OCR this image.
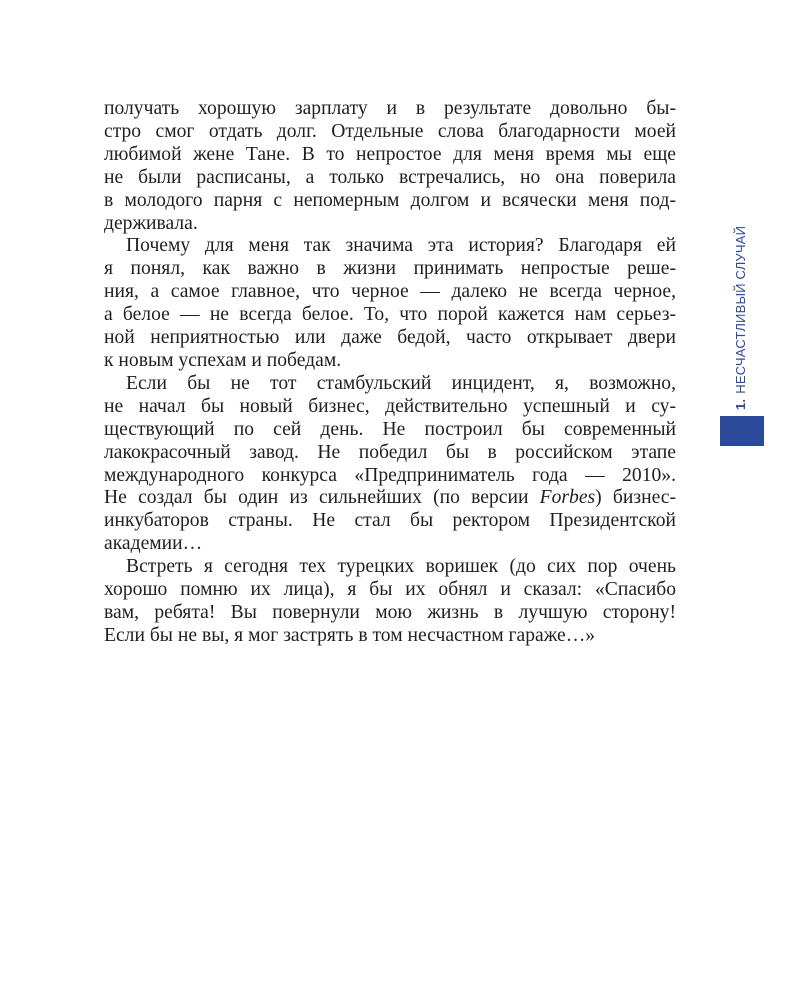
получать хорошую зарплату и в результате довольно бы-
стро смог отдать долг. Отдельные слова благодарности моей
любимой жене Тане. В то непростое для меня время мы еще
не были расписаны, а только встречались, но она поверила
в молодого парня с непомерным долгом и всячески меня под-
держивала.

Почему для меня так значима эта история? Благодаря ей
я понял, как важно в жизни принимать непростые реше-
ния, а самое главное, что черное — далеко не всегда черное,
а белое — не всегда белое. То, что порой кажется нам серьез-
ной неприятностью или даже бедой, часто открывает двери
к новым успехам и победам.

Если бы не тот стамбульский инцидент, я, возможно,
не начал бы новый бизнес, действительно успешный и су-
ществующий по сей день. Не построил бы современный
лакокрасочный завод. Не победил бы в российском этапе
международного конкурса «Предприниматель года — 2010».
Не создал бы один из сильнейших (по версии Forbes) бизнес-
инкубаторов страны. Не стал бы ректором Президентской
академии…

Встреть я сегодня тех турецких воришек (до сих пор очень
хорошо помню их лица), я бы их обнял и сказал: «Спасибо
вам, ребята! Вы повернули мою жизнь в лучшую сторону!
Если бы не вы, я мог застрять в том несчастном гараже…»

1.НЕСЧАСТЛИВЫЙ СЛУЧАЙ
